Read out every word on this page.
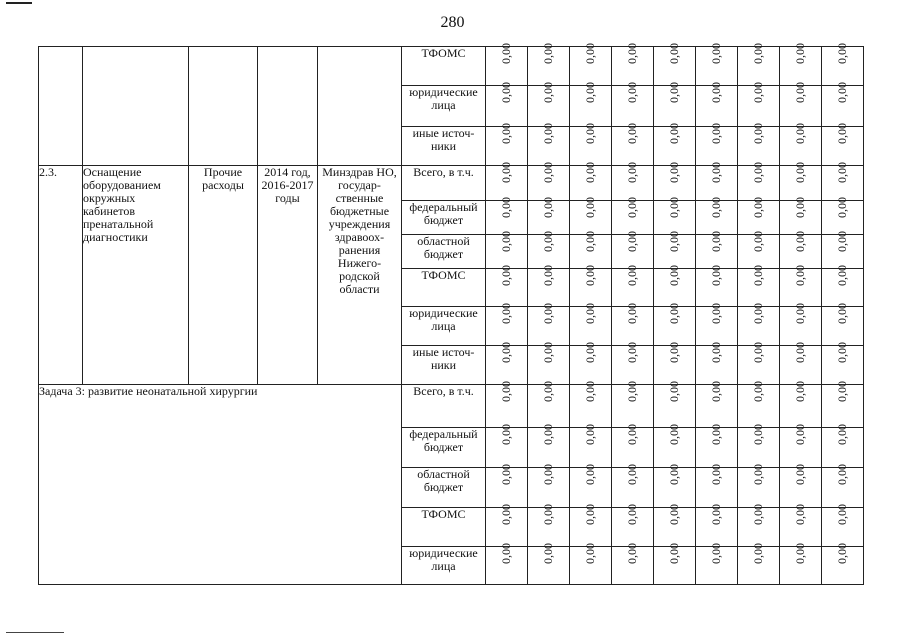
280
					ТФОМС	0,00	0,00	0,00	0,00	0,00	0,00	0,00	0,00	0,00
					юридические лица	0,00	0,00	0,00	0,00	0,00	0,00	0,00	0,00	0,00
					иные источ-ники	0,00	0,00	0,00	0,00	0,00	0,00	0,00	0,00	0,00
2.3.	Оснащение оборудованием окружных кабинетов пренатальной диагностики	Прочие расходы	2014 год, 2016-2017 годы	Минздрав НО, государ-ственные бюджетные учреждения здравоох-ранения Нижего-родской области	Всего, в т.ч.	0,00	0,00	0,00	0,00	0,00	0,00	0,00	0,00	0,00
					федеральный бюджет	0,00	0,00	0,00	0,00	0,00	0,00	0,00	0,00	0,00
					областной бюджет	0,00	0,00	0,00	0,00	0,00	0,00	0,00	0,00	0,00
					ТФОМС	0,00	0,00	0,00	0,00	0,00	0,00	0,00	0,00	0,00
					юридические лица	0,00	0,00	0,00	0,00	0,00	0,00	0,00	0,00	0,00
					иные источ-ники	0,00	0,00	0,00	0,00	0,00	0,00	0,00	0,00	0,00
Задача 3: развитие неонатальной хирургии					Всего, в т.ч.	0,00	0,00	0,00	0,00	0,00	0,00	0,00	0,00	0,00
					федеральный бюджет	0,00	0,00	0,00	0,00	0,00	0,00	0,00	0,00	0,00
					областной бюджет	0,00	0,00	0,00	0,00	0,00	0,00	0,00	0,00	0,00
					ТФОМС	0,00	0,00	0,00	0,00	0,00	0,00	0,00	0,00	0,00
					юридические лица	0,00	0,00	0,00	0,00	0,00	0,00	0,00	0,00	0,00
